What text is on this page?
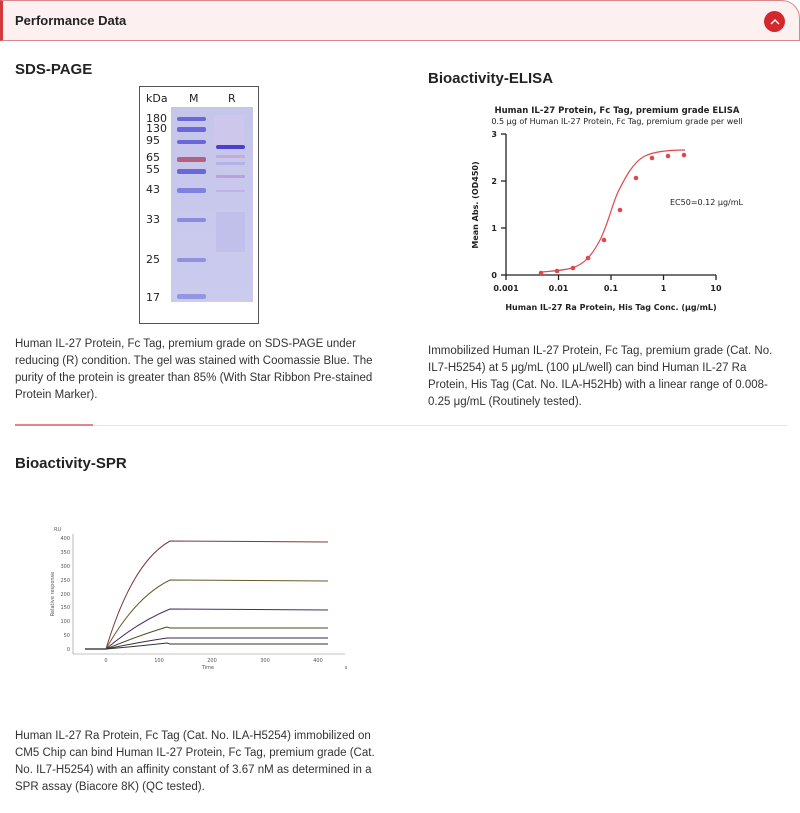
Performance Data
SDS-PAGE
kDa M	R
180
130
95
65
55
43
33
25
17
Human IL-27 Protein, Fc Tag, premium grade on SDS-PAGE under reducing (R) condition. The gel was stained with Coomassie Blue. The purity of the protein is greater than 85% (With Star Ribbon Pre-stained Protein Marker).
Bioactivity-ELISA
Human IL-27 Protein, Fc Tag, premium grade ELISA
0.5 μg of Human IL-27 Protein, Fc Tag, premium grade per well
3
2
1
0
0.001	0.01	0.1	1	10
Human IL-27 Ra Protein, His Tag Conc. (μg/mL)
Mean Abs. (OD450)	EC50=0.12 μg/mL
Immobilized Human IL-27 Protein, Fc Tag, premium grade (Cat. No. IL7-H5254) at 5 μg/mL (100 μL/well) can bind Human IL-27 Ra Protein, His Tag (Cat. No. ILA-H52Hb) with a linear range of 0.008-0.25 μg/mL (Routinely tested).
Bioactivity-SPR
RU
0
50
100
150
200
250
300
350
400
0	100	200	300	400
Time	s
Relative response
Human IL-27 Ra Protein, Fc Tag (Cat. No. ILA-H5254) immobilized on CM5 Chip can bind Human IL-27 Protein, Fc Tag, premium grade (Cat. No. IL7-H5254) with an affinity constant of 3.67 nM as determined in a SPR assay (Biacore 8K) (QC tested).
